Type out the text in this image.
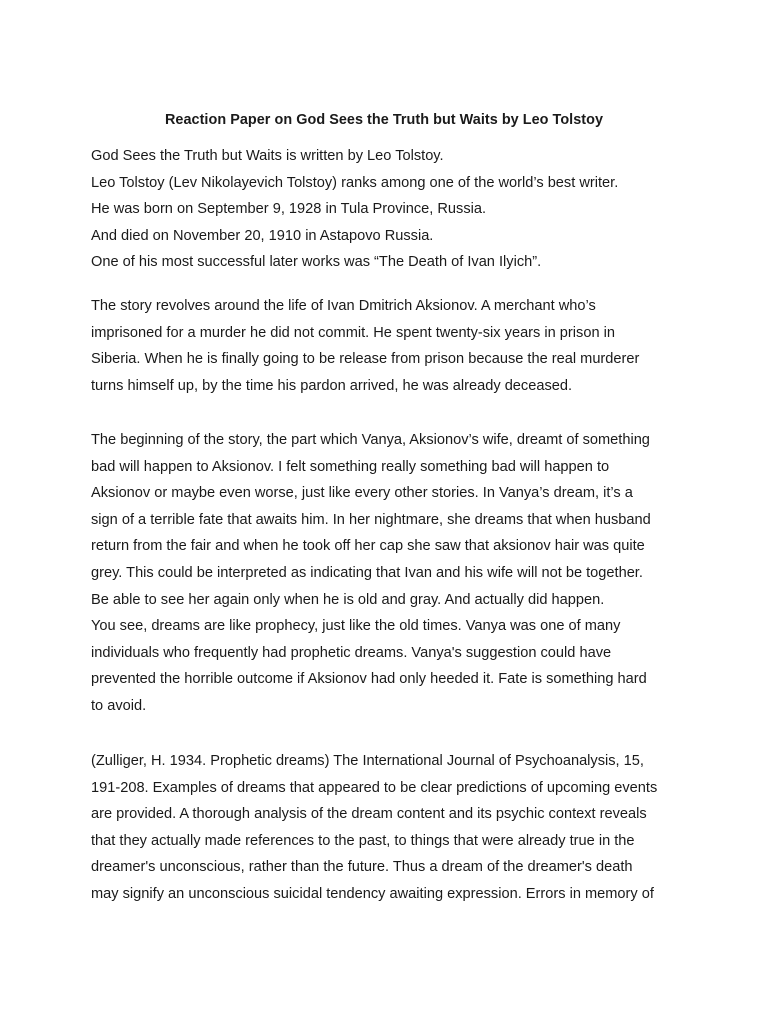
Reaction Paper on God Sees the Truth but Waits by Leo Tolstoy
God Sees the Truth but Waits is written by Leo Tolstoy.
Leo Tolstoy (Lev Nikolayevich Tolstoy) ranks among one of the world’s best writer.
He was born on September 9, 1928 in Tula Province, Russia.
And died on November 20, 1910 in Astapovo Russia.
One of his most successful later works was “The Death of Ivan Ilyich”.
The story revolves around the life of Ivan Dmitrich Aksionov. A merchant who’s
imprisoned for a murder he did not commit. He spent twenty-six years in prison in
Siberia. When he is finally going to be release from prison because the real murderer
turns himself up, by the time his pardon arrived, he was already deceased.
The beginning of the story, the part which Vanya, Aksionov’s wife, dreamt of something
bad will happen to Aksionov. I felt something really something bad will happen to
Aksionov or maybe even worse, just like every other stories. In Vanya’s dream, it’s a
sign of a terrible fate that awaits him. In her nightmare, she dreams that when husband
return from the fair and when he took off her cap she saw that aksionov hair was quite
grey. This could be interpreted as indicating that Ivan and his wife will not be together.
Be able to see her again only when he is old and gray. And actually did happen.
You see, dreams are like prophecy, just like the old times. Vanya was one of many
individuals who frequently had prophetic dreams. Vanya's suggestion could have
prevented the horrible outcome if Aksionov had only heeded it. Fate is something hard
to avoid.
(Zulliger, H. 1934. Prophetic dreams) The International Journal of Psychoanalysis, 15,
191-208. Examples of dreams that appeared to be clear predictions of upcoming events
are provided. A thorough analysis of the dream content and its psychic context reveals
that they actually made references to the past, to things that were already true in the
dreamer's unconscious, rather than the future. Thus a dream of the dreamer's death
may signify an unconscious suicidal tendency awaiting expression. Errors in memory of
